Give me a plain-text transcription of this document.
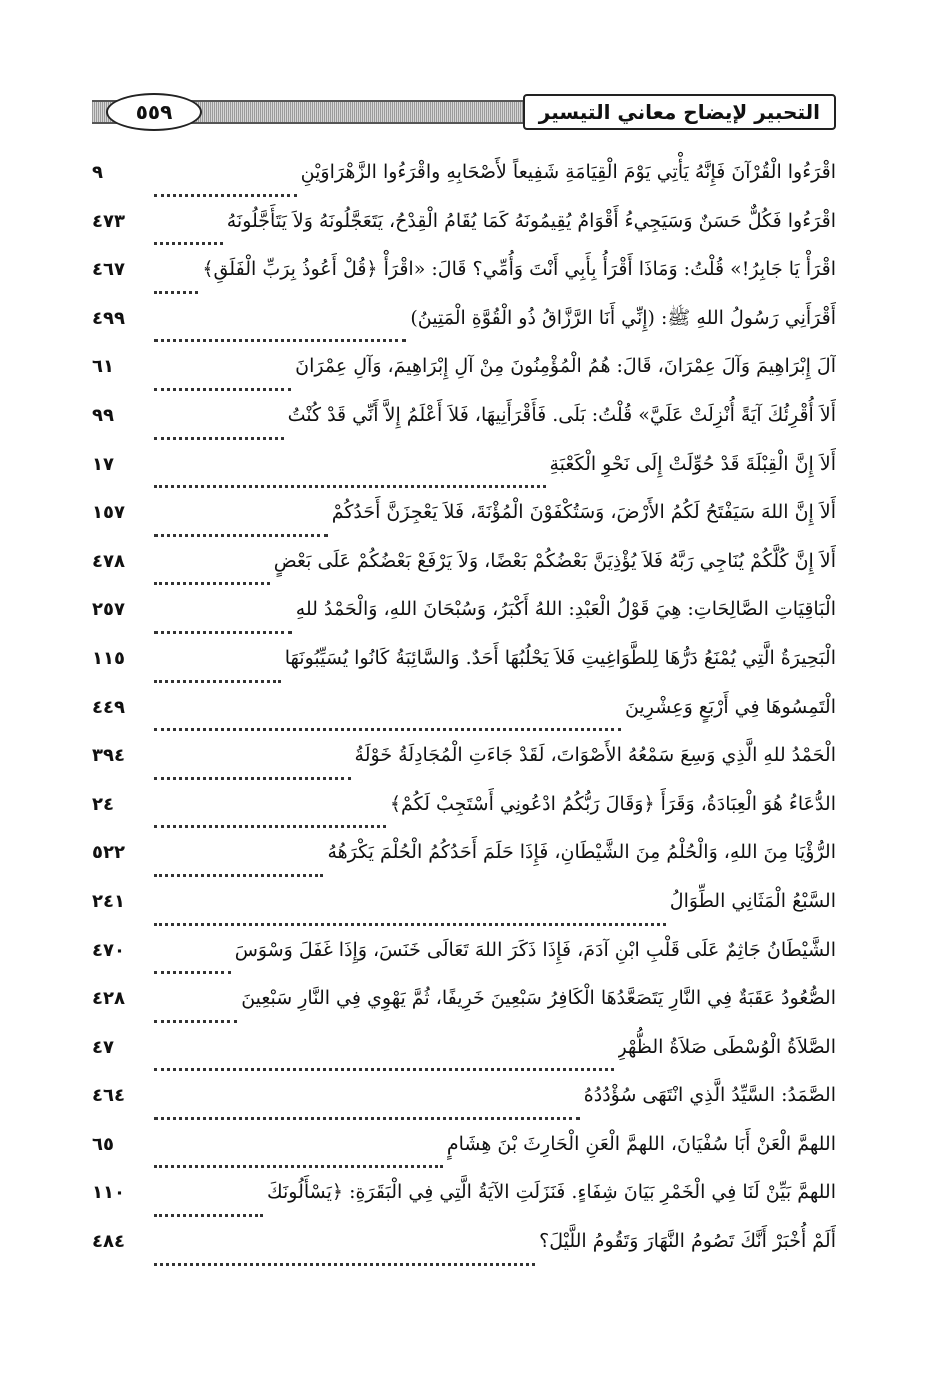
التحبير لإيضاح معاني التيسير
٥٥٩
اقْرَءُوا الْقُرْآنَ فَإِنَّهُ يَأْتِي يَوْمَ الْقِيَامَةِ شَفِيعاً لأَصْحَابِهِ واقْرَءُوا الزَّهْرَاوَيْنِ
٩
اقْرَءُوا فَكُلٌّ حَسَنٌ وَسَيَجِيءُ أَقْوَامٌ يُقِيمُونَهُ كَمَا يُقَامُ الْقِدْحُ، يَتَعَجَّلُونَهُ وَلاَ يَتَأَجَّلُونَهُ
٤٧٣
اقْرَأْ يَا جَابِرُ!» قُلْتُ: وَمَاذَا أَقْرَأُ بِأَبِي أَنْتَ وَأُمِّي؟ قَالَ: «اقْرَأْ ﴿قُلْ أَعُوذُ بِرَبِّ الْفَلَقِ﴾
٤٦٧
أَقْرَأَنِي رَسُولُ اللهِ ﷺ: (إِنِّي أَنَا الرَّزَّاقُ ذُو الْقُوَّةِ الْمَتِينُ)
٤٩٩
آلَ إِبْرَاهِيمَ وَآلَ عِمْرَانَ، قَالَ: هُمُ الْمُؤْمِنُونَ مِنْ آلِ إِبْرَاهِيمَ، وَآلِ عِمْرَانَ
٦١
أَلاَ أُقْرِئُكَ آيَةً أُنْزِلَتْ عَلَيَّ» قُلْتُ: بَلَى. فَأَقْرَأَنِيهَا، فَلاَ أَعْلَمُ إِلاَّ أَنِّي قَدْ كُنْتُ
٩٩
أَلاَ إِنَّ الْقِبْلَةَ قَدْ حُوِّلَتْ إِلَى نَحْوِ الْكَعْبَةِ
١٧
أَلاَ إِنَّ اللهَ سَيَفْتَحُ لَكُمُ الأَرْضَ، وَسَتُكْفَوْنَ الْمُؤْنَةَ، فَلاَ يَعْجِزَنَّ أَحَدُكُمْ
١٥٧
أَلاَ إِنَّ كُلَّكُمْ يُنَاجِي رَبَّهُ فَلاَ يُؤْذِيَنَّ بَعْضُكُمْ بَعْضًا، وَلاَ يَرْفَعْ بَعْضُكُمْ عَلَى بَعْضٍ
٤٧٨
الْبَاقِيَاتِ الصَّالِحَاتِ: هِيَ قَوْلُ الْعَبْدِ: اللهُ أَكْبَرُ، وَسُبْحَانَ اللهِ، وَالْحَمْدُ للهِ
٢٥٧
الْبَحِيرَةُ الَّتِي يُمْنَعُ دَرُّهَا لِلطَّوَاغِيتِ فَلاَ يَحْلُبُهَا أَحَدٌ. وَالسَّائِبَةُ كَانُوا يُسَيِّبُونَهَا
١١٥
الْتَمِسُوهَا فِي أَرْبَعٍ وَعِشْرِينَ
٤٤٩
الْحَمْدُ للهِ الَّذِي وَسِعَ سَمْعُهُ الأَصْوَاتَ، لَقَدْ جَاءَتِ الْمُجَادِلَةُ خَوْلَةُ
٣٩٤
الدُّعَاءُ هُوَ الْعِبَادَةُ، وَقَرَأَ ﴿وَقَالَ رَبُّكُمُ ادْعُونِي أَسْتَجِبْ لَكُمْ﴾
٢٤
الرُّؤْيَا مِنَ اللهِ، وَالْحُلْمُ مِنَ الشَّيْطَانِ، فَإِذَا حَلَمَ أَحَدُكُمُ الْحُلْمَ يَكْرَهُهُ
٥٢٢
السَّبْعُ الْمَثَانِي الطِّوَالُ
٢٤١
الشَّيْطَانُ جَاثِمٌ عَلَى قَلْبِ ابْنِ آدَمَ، فَإِذَا ذَكَرَ اللهَ تَعَالَى خَنَسَ، وَإِذَا غَفَلَ وَسْوَسَ
٤٧٠
الصُّعُودُ عَقَبَةٌ فِي النَّارِ يَتَصَعَّدُهَا الْكَافِرُ سَبْعِينَ خَرِيفًا، ثُمَّ يَهْوِي فِي النَّارِ سَبْعِينَ
٤٢٨
الصَّلاَةُ الْوُسْطَى صَلاَةُ الظُّهْرِ
٤٧
الصَّمَدُ: السَّيِّدُ الَّذِي انْتَهَى سُؤْدُدُهُ
٤٦٤
اللهمَّ الْعَنْ أَبَا سُفْيَانَ، اللهمَّ الْعَنِ الْحَارِثَ بْنَ هِشَامٍ
٦٥
اللهمَّ بَيِّنْ لَنَا فِي الْخَمْرِ بَيَانَ شِفَاءٍ. فَنَزَلَتِ الآيَةُ الَّتِي فِي الْبَقَرَةِ: ﴿يَسْأَلُونَكَ
١١٠
أَلَمْ أُخْبَرْ أَنَّكَ تَصُومُ النَّهَارَ وَتَقُومُ اللَّيْلَ؟
٤٨٤
